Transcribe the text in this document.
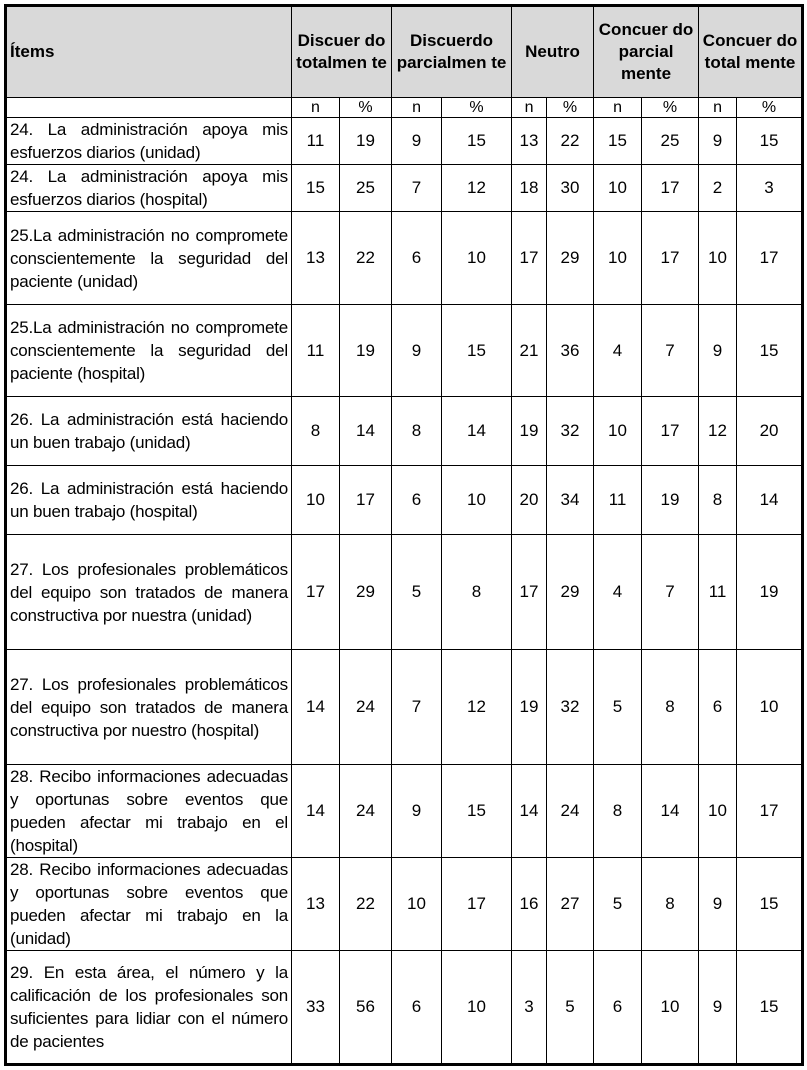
Ítems	Discuer do totalmen te		Discuerdo parcialmen te		Neutro		Concuer do parcial mente		Concuer do total mente	
	n	%	n	%	n	%	n	%	n	%
24. La administración apoya mis esfuerzos diarios (unidad)	11	19	9	15	13	22	15	25	9	15
24. La administración apoya mis esfuerzos diarios (hospital)	15	25	7	12	18	30	10	17	2	3
25.La administración no compromete conscientemente la seguridad del paciente (unidad)	13	22	6	10	17	29	10	17	10	17
25.La administración no compromete conscientemente la seguridad del paciente (hospital)	11	19	9	15	21	36	4	7	9	15
26. La administración está haciendo un buen trabajo (unidad)	8	14	8	14	19	32	10	17	12	20
26. La administración está haciendo un buen trabajo (hospital)	10	17	6	10	20	34	11	19	8	14
27. Los profesionales problemáticos del equipo son tratados de manera constructiva por nuestra (unidad)	17	29	5	8	17	29	4	7	11	19
27. Los profesionales problemáticos del equipo son tratados de manera constructiva por nuestro (hospital)	14	24	7	12	19	32	5	8	6	10
28. Recibo informaciones adecuadas y oportunas sobre eventos que pueden afectar mi trabajo en el (hospital)	14	24	9	15	14	24	8	14	10	17
28. Recibo informaciones adecuadas y oportunas sobre eventos que pueden afectar mi trabajo en la (unidad)	13	22	10	17	16	27	5	8	9	15
29. En esta área, el número y la calificación de los profesionales son suficientes para lidiar con el número de pacientes	33	56	6	10	3	5	6	10	9	15
